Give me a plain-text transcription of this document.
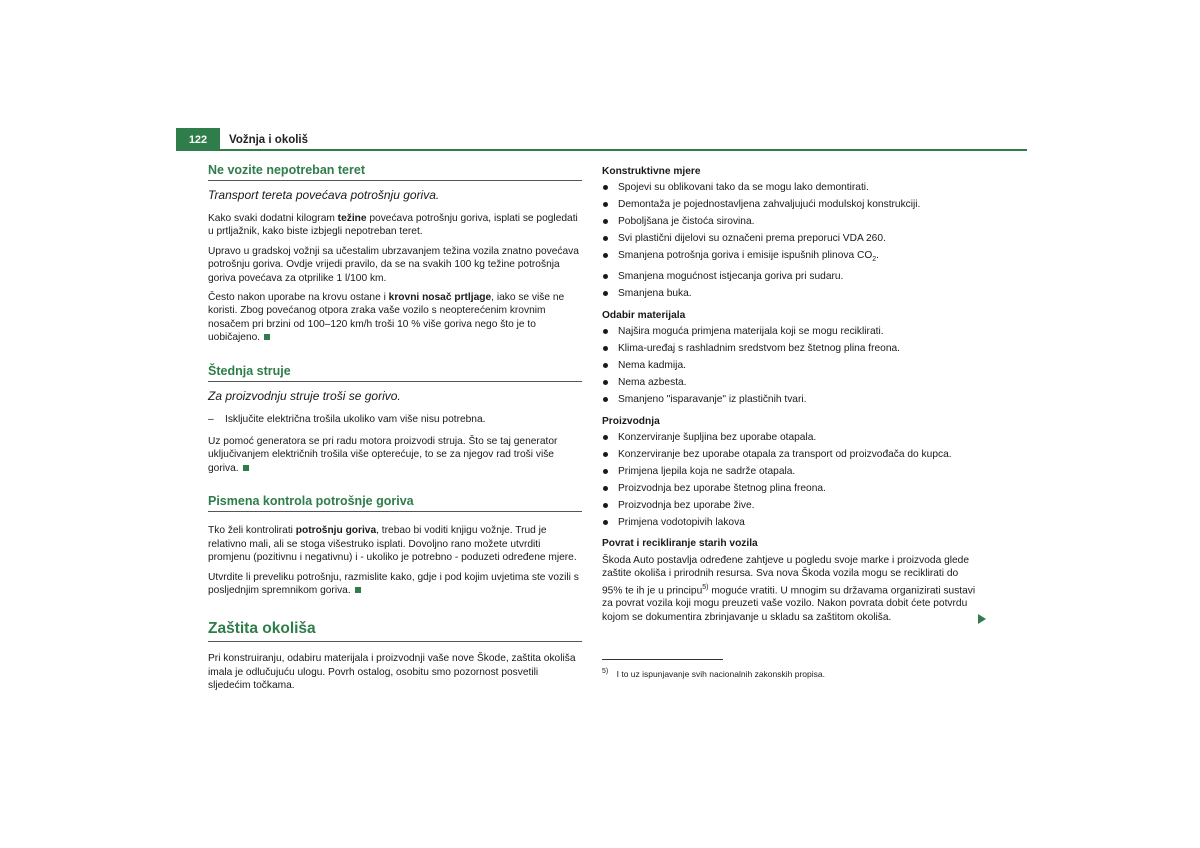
122	Vožnja i okoliš
Ne vozite nepotreban teret
Transport tereta povećava potrošnju goriva.

Kako svaki dodatni kilogram težine povećava potrošnju goriva, isplati se pogledati u prtljažnik, kako biste izbjegli nepotreban teret.

Upravo u gradskoj vožnji sa učestalim ubrzavanjem težina vozila znatno povećava potrošnju goriva. Ovdje vrijedi pravilo, da se na svakih 100 kg težine potrošnja goriva povećava za otprilike 1 l/100 km.

Često nakon uporabe na krovu ostane i krovni nosač prtljage, iako se više ne koristi. Zbog povećanog otpora zraka vaše vozilo s neopterećenim krovnim nosačem pri brzini od 100–120 km/h troši 10 % više goriva nego što je to uobičajeno.

Štednja struje
Za proizvodnju struje troši se gorivo.
–	Isključite električna trošila ukoliko vam više nisu potrebna.

Uz pomoć generatora se pri radu motora proizvodi struja. Što se taj generator uključivanjem električnih trošila više opterećuje, to se za njegov rad troši više goriva.

Pismena kontrola potrošnje goriva

Tko želi kontrolirati potrošnju goriva, trebao bi voditi knjigu vožnje. Trud je relativno mali, ali se stoga višestruko isplati. Dovoljno rano možete utvrditi promjenu (pozitivnu i negativnu) i - ukoliko je potrebno - poduzeti određene mjere.

Utvrdite li preveliku potrošnju, razmislite kako, gdje i pod kojim uvjetima ste vozili s posljednjim spremnikom goriva.

Zaštita okoliša

Pri konstruiranju, odabiru materijala i proizvodnji vaše nove Škode, zaštita okoliša imala je odlučujuću ulogu. Povrh ostalog, osobitu smo pozornost posvetili sljedećim točkama.

Konstruktivne mjere
Spojevi su oblikovani tako da se mogu lako demontirati.
Demontaža je pojednostavljena zahvaljujući modulskoj konstrukciji.
Poboljšana je čistoća sirovina.
Svi plastični dijelovi su označeni prema preporuci VDA 260.
Smanjena potrošnja goriva i emisije ispušnih plinova $CO_2$.
Smanjena mogućnost istjecanja goriva pri sudaru.
Smanjena buka.
Odabir materijala
Najšira moguća primjena materijala koji se mogu reciklirati.
Klima-uređaj s rashladnim sredstvom bez štetnog plina freona.
Nema kadmija.
Nema azbesta.
Smanjeno "isparavanje" iz plastičnih tvari.
Proizvodnja
Konzerviranje šupljina bez uporabe otapala.
Konzerviranje bez uporabe otapala za transport od proizvođača do kupca.
Primjena ljepila koja ne sadrže otapala.
Proizvodnja bez uporabe štetnog plina freona.
Proizvodnja bez uporabe žive.
Primjena vodotopivih lakova
Povrat i recikliranje starih vozila

Škoda Auto postavlja određene zahtjeve u pogledu svoje marke i proizvoda glede zaštite okoliša i prirodnih resursa. Sva nova Škoda vozila mogu se reciklirati do 95% te ih je u principu$^{5)}$ moguće vratiti. U mnogim su državama organizirati sustavi za povrat vozila koji mogu preuzeti vaše vozilo. Nakon povrata dobit ćete potvrdu kojom se dokumentira zbrinjavanje u skladu sa zaštitom okoliša.

$^{5)}$ I to uz ispunjavanje svih nacionalnih zakonskih propisa.
